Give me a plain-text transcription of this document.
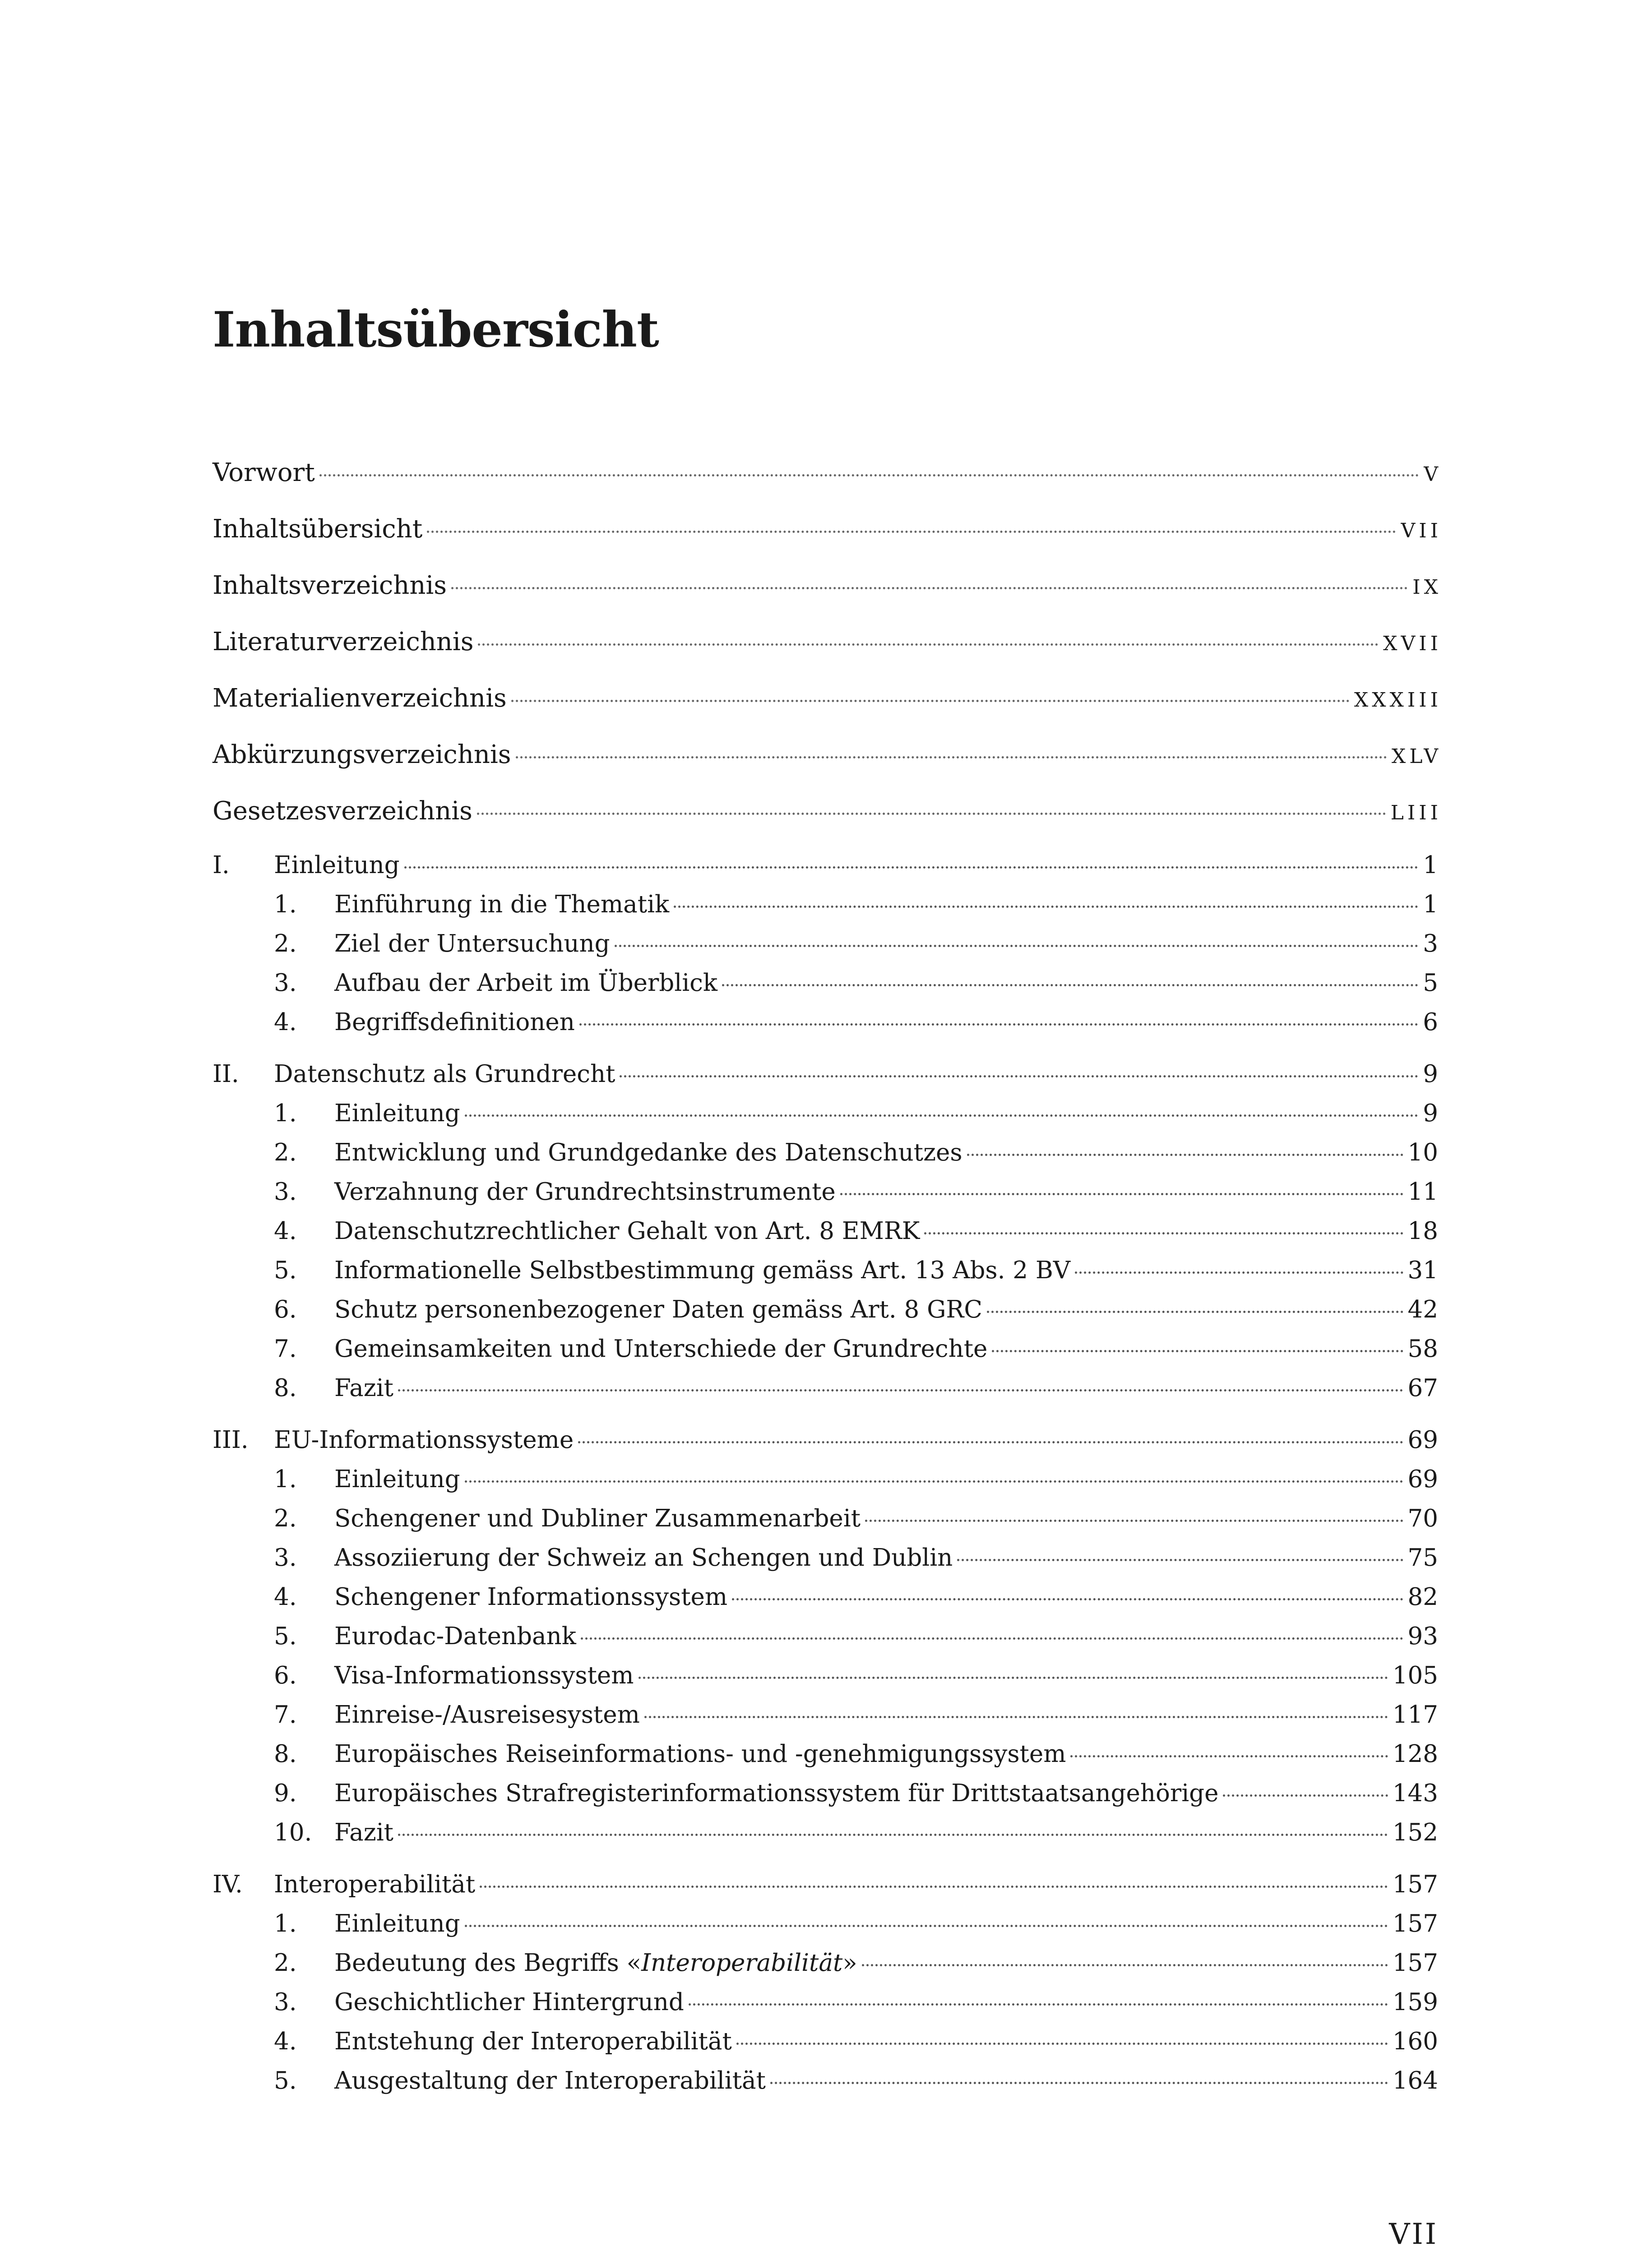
Inhaltsübersicht
Vorwort	V
Inhaltsübersicht	VII
Inhaltsverzeichnis	IX
Literaturverzeichnis	XVII
Materialienverzeichnis	XXXIII
Abkürzungsverzeichnis	XLV
Gesetzesverzeichnis	LIII
I.	Einleitung	1
1.	Einführung in die Thematik	1
2.	Ziel der Untersuchung	3
3.	Aufbau der Arbeit im Überblick	5
4.	Begriffsdefinitionen	6
II.	Datenschutz als Grundrecht	9
1.	Einleitung	9
2.	Entwicklung und Grundgedanke des Datenschutzes	10
3.	Verzahnung der Grundrechtsinstrumente	11
4.	Datenschutzrechtlicher Gehalt von Art. 8 EMRK	18
5.	Informationelle Selbstbestimmung gemäss Art. 13 Abs. 2 BV	31
6.	Schutz personenbezogener Daten gemäss Art. 8 GRC	42
7.	Gemeinsamkeiten und Unterschiede der Grundrechte	58
8.	Fazit	67
III.	EU-Informationssysteme	69
1.	Einleitung	69
2.	Schengener und Dubliner Zusammenarbeit	70
3.	Assoziierung der Schweiz an Schengen und Dublin	75
4.	Schengener Informationssystem	82
5.	Eurodac-Datenbank	93
6.	Visa-Informationssystem	105
7.	Einreise-/Ausreisesystem	117
8.	Europäisches Reiseinformations- und -genehmigungssystem	128
9.	Europäisches Strafregisterinformationssystem für Drittstaatsangehörige	143
10. Fazit	152
IV.	Interoperabilität	157
1.	Einleitung	157
2.	Bedeutung des Begriffs «Interoperabilität»	157
3.	Geschichtlicher Hintergrund	159
4.	Entstehung der Interoperabilität	160
5.	Ausgestaltung der Interoperabilität	164
VII
